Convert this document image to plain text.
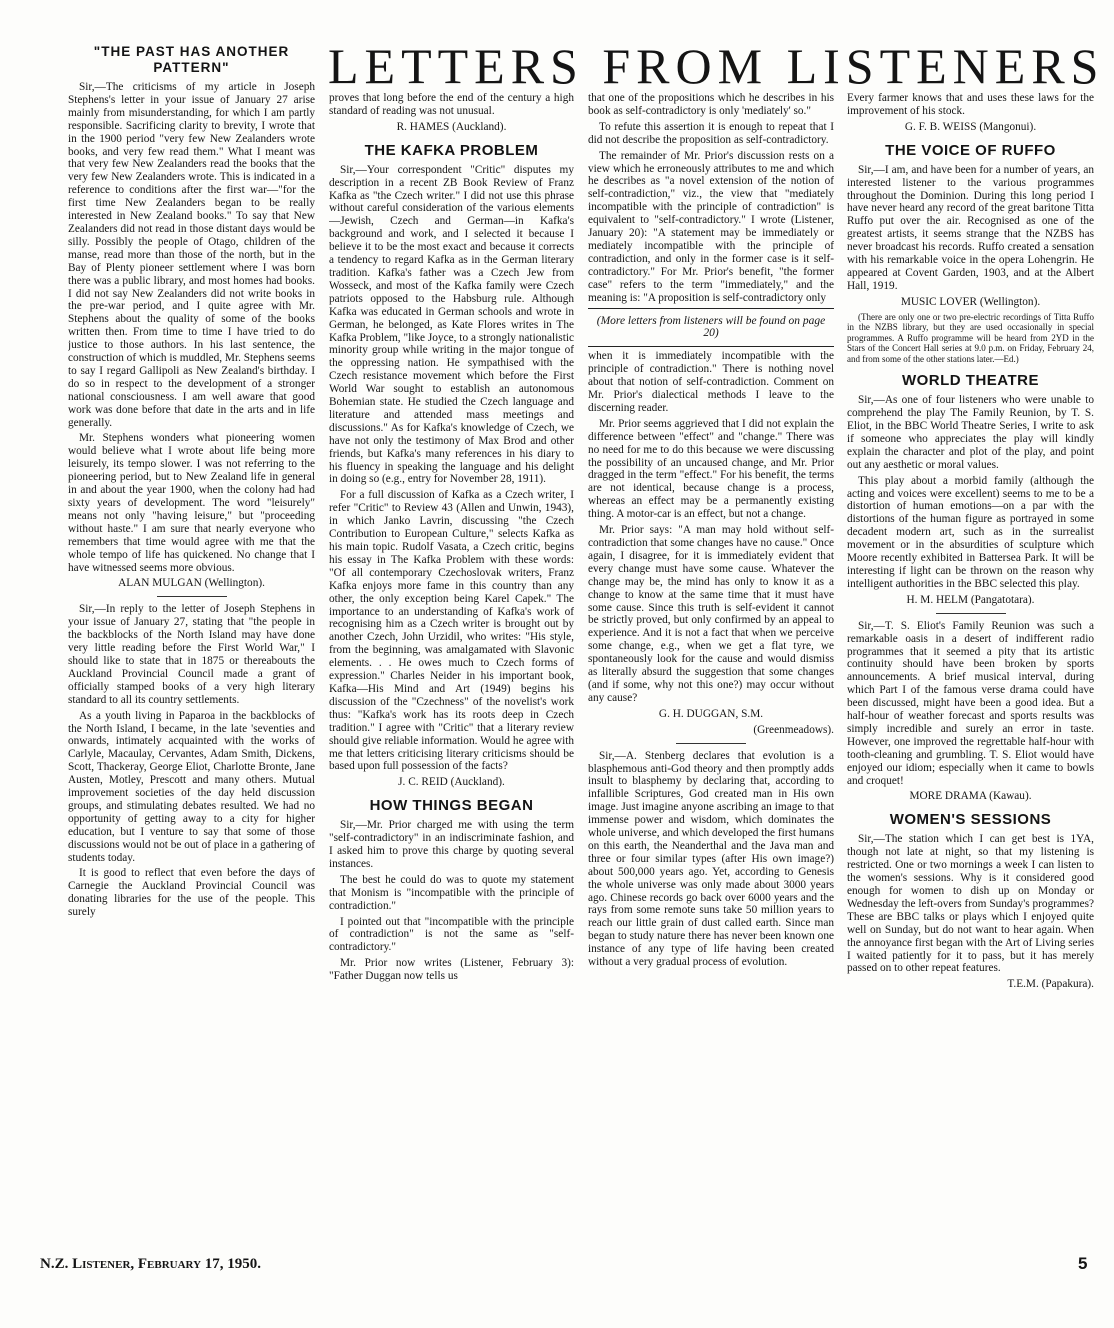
LETTERS FROM LISTENERS
"THE PAST HAS ANOTHER PATTERN"

Sir,—The criticisms of my article in Joseph Stephens's letter in your issue of January 27 arise mainly from misunderstanding, for which I am partly responsible. Sacrificing clarity to brevity, I wrote that in the 1900 period "very few New Zealanders wrote books, and very few read them." What I meant was that very few New Zealanders read the books that the very few New Zealanders wrote. This is indicated in a reference to conditions after the first war—"for the first time New Zealanders began to be really interested in New Zealand books." To say that New Zealanders did not read in those distant days would be silly. Possibly the people of Otago, children of the manse, read more than those of the north, but in the Bay of Plenty pioneer settlement where I was born there was a public library, and most homes had books. I did not say New Zealanders did not write books in the pre-war period, and I quite agree with Mr. Stephens about the quality of some of the books written then. From time to time I have tried to do justice to those authors. In his last sentence, the construction of which is muddled, Mr. Stephens seems to say I regard Gallipoli as New Zealand's birthday. I do so in respect to the development of a stronger national consciousness. I am well aware that good work was done before that date in the arts and in life generally.

Mr. Stephens wonders what pioneering women would believe what I wrote about life being more leisurely, its tempo slower. I was not referring to the pioneering period, but to New Zealand life in general in and about the year 1900, when the colony had had sixty years of development. The word "leisurely" means not only "having leisure," but "proceeding without haste." I am sure that nearly everyone who remembers that time would agree with me that the whole tempo of life has quickened. No change that I have witnessed seems more obvious.

ALAN MULGAN (Wellington).

Sir,—In reply to the letter of Joseph Stephens in your issue of January 27, stating that "the people in the backblocks of the North Island may have done very little reading before the First World War," I should like to state that in 1875 or thereabouts the Auckland Provincial Council made a grant of officially stamped books of a very high literary standard to all its country settlements.

As a youth living in Paparoa in the backblocks of the North Island, I became, in the late 'seventies and onwards, intimately acquainted with the works of Carlyle, Macaulay, Cervantes, Adam Smith, Dickens, Scott, Thackeray, George Eliot, Charlotte Bronte, Jane Austen, Motley, Prescott and many others. Mutual improvement societies of the day held discussion groups, and stimulating debates resulted. We had no opportunity of getting away to a city for higher education, but I venture to say that some of those discussions would not be out of place in a gathering of students today.

It is good to reflect that even before the days of Carnegie the Auckland Provincial Council was donating libraries for the use of the people. This surely

proves that long before the end of the century a high standard of reading was not unusual.

R. HAMES (Auckland).

THE KAFKA PROBLEM

Sir,—Your correspondent "Critic" disputes my description in a recent ZB Book Review of Franz Kafka as "the Czech writer." I did not use this phrase without careful consideration of the various elements—Jewish, Czech and German—in Kafka's background and work, and I selected it because I believe it to be the most exact and because it corrects a tendency to regard Kafka as in the German literary tradition. Kafka's father was a Czech Jew from Wosseck, and most of the Kafka family were Czech patriots opposed to the Habsburg rule. Although Kafka was educated in German schools and wrote in German, he belonged, as Kate Flores writes in The Kafka Problem, "like Joyce, to a strongly nationalistic minority group while writing in the major tongue of the oppressing nation. He sympathised with the Czech resistance movement which before the First World War sought to establish an autonomous Bohemian state. He studied the Czech language and literature and attended mass meetings and discussions." As for Kafka's knowledge of Czech, we have not only the testimony of Max Brod and other friends, but Kafka's many references in his diary to his fluency in speaking the language and his delight in doing so (e.g., entry for November 28, 1911).

For a full discussion of Kafka as a Czech writer, I refer "Critic" to Review 43 (Allen and Unwin, 1943), in which Janko Lavrin, discussing "the Czech Contribution to European Culture," selects Kafka as his main topic. Rudolf Vasata, a Czech critic, begins his essay in The Kafka Problem with these words: "Of all contemporary Czechoslovak writers, Franz Kafka enjoys more fame in this country than any other, the only exception being Karel Capek." The importance to an understanding of Kafka's work of recognising him as a Czech writer is brought out by another Czech, John Urzidil, who writes: "His style, from the beginning, was amalgamated with Slavonic elements. . . He owes much to Czech forms of expression." Charles Neider in his important book, Kafka—His Mind and Art (1949) begins his discussion of the "Czechness" of the novelist's work thus: "Kafka's work has its roots deep in Czech tradition." I agree with "Critic" that a literary review should give reliable information. Would he agree with me that letters criticising literary criticisms should be based upon full possession of the facts?

J. C. REID (Auckland).

HOW THINGS BEGAN

Sir,—Mr. Prior charged me with using the term "self-contradictory" in an indiscriminate fashion, and I asked him to prove this charge by quoting several instances.

The best he could do was to quote my statement that Monism is "incompatible with the principle of contradiction."

I pointed out that "incompatible with the principle of contradiction" is not the same as "self-contradictory."

Mr. Prior now writes (Listener, February 3): "Father Duggan now tells us

that one of the propositions which he describes in his book as self-contradictory is only 'mediately' so."

To refute this assertion it is enough to repeat that I did not describe the proposition as self-contradictory.

The remainder of Mr. Prior's discussion rests on a view which he erroneously attributes to me and which he describes as "a novel extension of the notion of self-contradiction," viz., the view that "mediately incompatible with the principle of contradiction" is equivalent to "self-contradictory." I wrote (Listener, January 20): "A statement may be immediately or mediately incompatible with the principle of contradiction, and only in the former case is it self-contradictory." For Mr. Prior's benefit, "the former case" refers to the term "immediately," and the meaning is: "A proposition is self-contradictory only

(More letters from listeners will be found on page 20)

when it is immediately incompatible with the principle of contradiction." There is nothing novel about that notion of self-contradiction. Comment on Mr. Prior's dialectical methods I leave to the discerning reader.

Mr. Prior seems aggrieved that I did not explain the difference between "effect" and "change." There was no need for me to do this because we were discussing the possibility of an uncaused change, and Mr. Prior dragged in the term "effect." For his benefit, the terms are not identical, because change is a process, whereas an effect may be a permanently existing thing. A motor-car is an effect, but not a change.

Mr. Prior says: "A man may hold without self-contradiction that some changes have no cause." Once again, I disagree, for it is immediately evident that every change must have some cause. Whatever the change may be, the mind has only to know it as a change to know at the same time that it must have some cause. Since this truth is self-evident it cannot be strictly proved, but only confirmed by an appeal to experience. And it is not a fact that when we perceive some change, e.g., when we get a flat tyre, we spontaneously look for the cause and would dismiss as literally absurd the suggestion that some changes (and if some, why not this one?) may occur without any cause?

G. H. DUGGAN, S.M.

(Greenmeadows).

Sir,—A. Stenberg declares that evolution is a blasphemous anti-God theory and then promptly adds insult to blasphemy by declaring that, according to infallible Scriptures, God created man in His own image. Just imagine anyone ascribing an image to that immense power and wisdom, which dominates the whole universe, and which developed the first humans on this earth, the Neanderthal and the Java man and three or four similar types (after His own image?) about 500,000 years ago. Yet, according to Genesis the whole universe was only made about 3000 years ago. Chinese records go back over 6000 years and the rays from some remote suns take 50 million years to reach our little grain of dust called earth. Since man began to study nature there has never been known one instance of any type of life having been created without a very gradual process of evolution.

Every farmer knows that and uses these laws for the improvement of his stock.

G. F. B. WEISS (Mangonui).

THE VOICE OF RUFFO

Sir,—I am, and have been for a number of years, an interested listener to the various programmes throughout the Dominion. During this long period I have never heard any record of the great baritone Titta Ruffo put over the air. Recognised as one of the greatest artists, it seems strange that the NZBS has never broadcast his records. Ruffo created a sensation with his remarkable voice in the opera Lohengrin. He appeared at Covent Garden, 1903, and at the Albert Hall, 1919.

MUSIC LOVER (Wellington).

(There are only one or two pre-electric recordings of Titta Ruffo in the NZBS library, but they are used occasionally in special programmes. A Ruffo programme will be heard from 2YD in the Stars of the Concert Hall series at 9.0 p.m. on Friday, February 24, and from some of the other stations later.—Ed.)

WORLD THEATRE

Sir,—As one of four listeners who were unable to comprehend the play The Family Reunion, by T. S. Eliot, in the BBC World Theatre Series, I write to ask if someone who appreciates the play will kindly explain the character and plot of the play, and point out any aesthetic or moral values.

This play about a morbid family (although the acting and voices were excellent) seems to me to be a distortion of human emotions—on a par with the distortions of the human figure as portrayed in some decadent modern art, such as in the surrealist movement or in the absurdities of sculpture which Moore recently exhibited in Battersea Park. It will be interesting if light can be thrown on the reason why intelligent authorities in the BBC selected this play.

H. M. HELM (Pangatotara).

Sir,—T. S. Eliot's Family Reunion was such a remarkable oasis in a desert of indifferent radio programmes that it seemed a pity that its artistic continuity should have been broken by sports announcements. A brief musical interval, during which Part I of the famous verse drama could have been discussed, might have been a good idea. But a half-hour of weather forecast and sports results was simply incredible and surely an error in taste. However, one improved the regrettable half-hour with tooth-cleaning and grumbling. T. S. Eliot would have enjoyed our idiom; especially when it came to bowls and croquet!

MORE DRAMA (Kawau).

WOMEN'S SESSIONS

Sir,—The station which I can get best is 1YA, though not late at night, so that my listening is restricted. One or two mornings a week I can listen to the women's sessions. Why is it considered good enough for women to dish up on Monday or Wednesday the left-overs from Sunday's programmes? These are BBC talks or plays which I enjoyed quite well on Sunday, but do not want to hear again. When the annoyance first began with the Art of Living series I waited patiently for it to pass, but it has merely passed on to other repeat features.

T.E.M. (Papakura).

N.Z. Listener, February 17, 1950.	5
